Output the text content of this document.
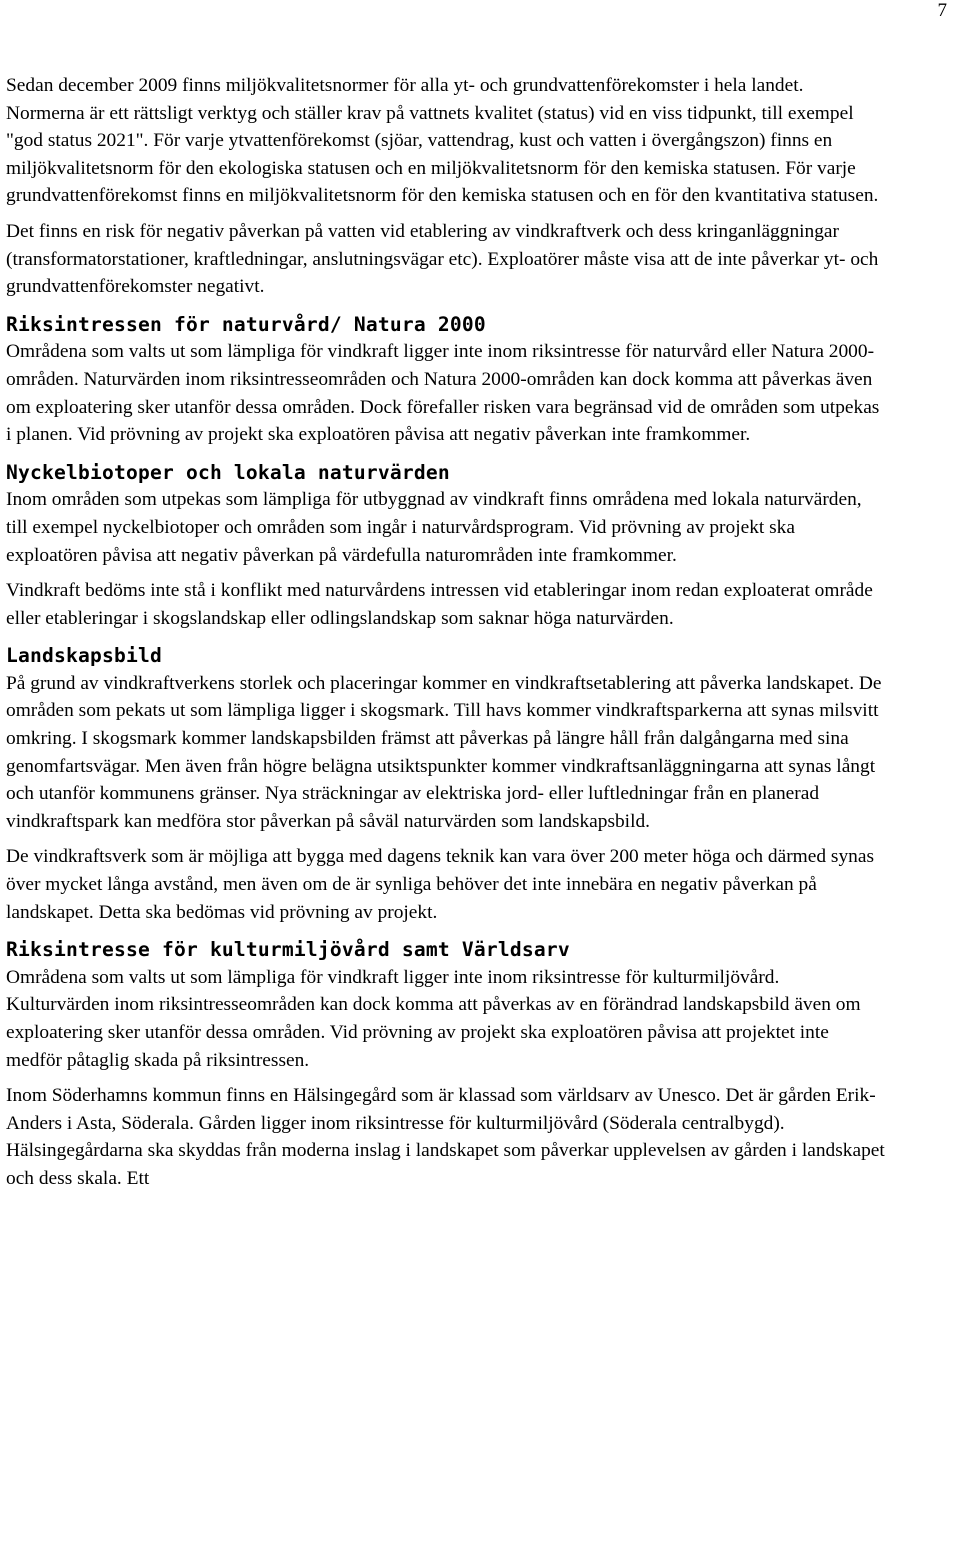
7

Sedan december 2009 finns miljökvalitetsnormer för alla yt- och grundvattenförekomster i hela landet. Normerna är ett rättsligt verktyg och ställer krav på vattnets kvalitet (status) vid en viss tidpunkt, till exempel "god status 2021". För varje ytvattenförekomst (sjöar, vattendrag, kust och vatten i övergångszon) finns en miljökvalitetsnorm för den ekologiska statusen och en miljökvalitetsnorm för den kemiska statusen. För varje grundvattenförekomst finns en miljökvalitetsnorm för den kemiska statusen och en för den kvantitativa statusen.

Det finns en risk för negativ påverkan på vatten vid etablering av vindkraftverk och dess kringanläggningar (transformatorstationer, kraftledningar, anslutningsvägar etc). Exploatörer måste visa att de inte påverkar yt- och grundvattenförekomster negativt.

Riksintressen för naturvård/ Natura 2000

Områdena som valts ut som lämpliga för vindkraft ligger inte inom riksintresse för naturvård eller Natura 2000-områden. Naturvärden inom riksintresseområden och Natura 2000-områden kan dock komma att påverkas även om exploatering sker utanför dessa områden. Dock förefaller risken vara begränsad vid de områden som utpekas i planen. Vid prövning av projekt ska exploatören påvisa att negativ påverkan inte framkommer.

Nyckelbiotoper och lokala naturvärden

Inom områden som utpekas som lämpliga för utbyggnad av vindkraft finns områdena med lokala naturvärden, till exempel nyckelbiotoper och områden som ingår i naturvårdsprogram. Vid prövning av projekt ska exploatören påvisa att negativ påverkan på värdefulla naturområden inte framkommer.

Vindkraft bedöms inte stå i konflikt med naturvårdens intressen vid etableringar inom redan exploaterat område eller etableringar i skogslandskap eller odlingslandskap som saknar höga naturvärden.

Landskapsbild

På grund av vindkraftverkens storlek och placeringar kommer en vindkraftsetablering att påverka landskapet. De områden som pekats ut som lämpliga ligger i skogsmark. Till havs kommer vindkraftsparkerna att synas milsvitt omkring. I skogsmark kommer landskapsbilden främst att påverkas på längre håll från dalgångarna med sina genomfartsvägar. Men även från högre belägna utsiktspunkter kommer vindkraftsanläggningarna att synas långt och utanför kommunens gränser. Nya sträckningar av elektriska jord- eller luftledningar från en planerad vindkraftspark kan medföra stor påverkan på såväl naturvärden som landskapsbild.

De vindkraftsverk som är möjliga att bygga med dagens teknik kan vara över 200 meter höga och därmed synas över mycket långa avstånd, men även om de är synliga behöver det inte innebära en negativ påverkan på landskapet. Detta ska bedömas vid prövning av projekt.

Riksintresse för kulturmiljövård samt Världsarv

Områdena som valts ut som lämpliga för vindkraft ligger inte inom riksintresse för kulturmiljövård. Kulturvärden inom riksintresseområden kan dock komma att påverkas av en förändrad landskapsbild även om exploatering sker utanför dessa områden. Vid prövning av projekt ska exploatören påvisa att projektet inte medför påtaglig skada på riksintressen.

Inom Söderhamns kommun finns en Hälsingegård som är klassad som världsarv av Unesco. Det är gården Erik-Anders i Asta, Söderala. Gården ligger inom riksintresse för kulturmiljövård (Söderala centralbygd). Hälsingegårdarna ska skyddas från moderna inslag i landskapet som påverkar upplevelsen av gården i landskapet och dess skala. Ett
